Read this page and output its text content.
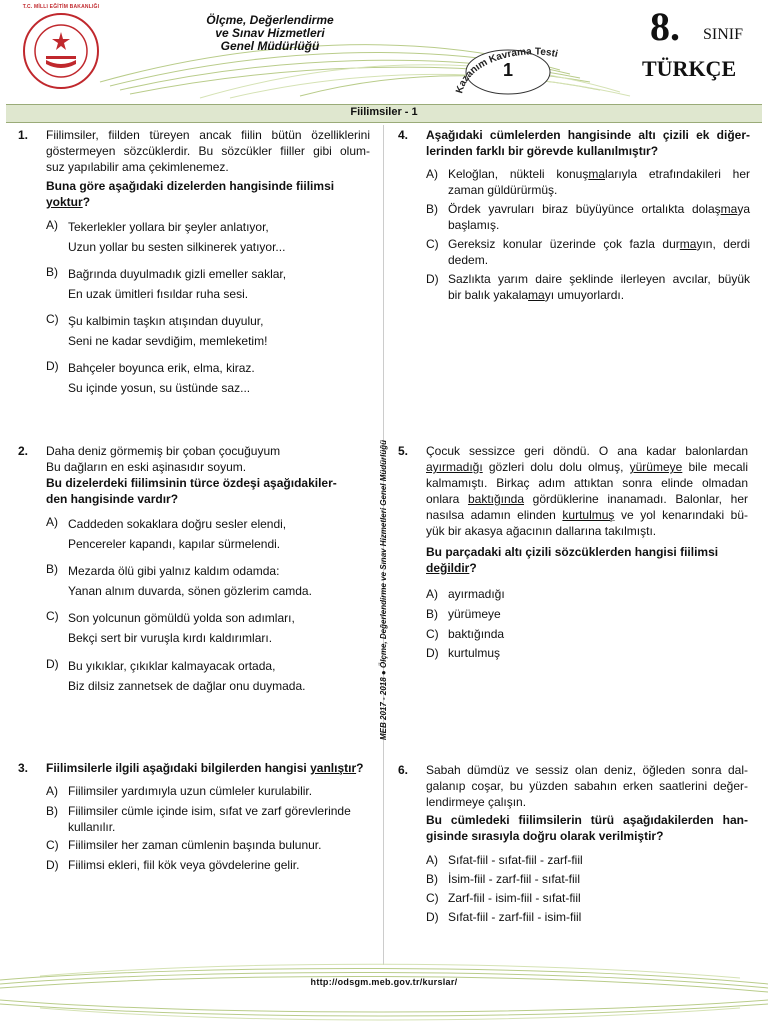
T.C. MİLLî EĞİTİM BAKANLIĞI
Ölçme, Değerlendirme
ve Sınav Hizmetleri
Genel Müdürlüğü
Kazanım Kavrama Testi
1
8. SINIF
TÜRKÇE
Fiilimsiler - 1
MEB 2017 - 2018 ● Ölçme, Değerlendirme ve Sınav Hizmetleri Genel Müdürlüğü
1. Fiilimsiler, fiilden türeyen ancak fiilin bütün özelliklerini
göstermeyen sözcüklerdir. Bu sözcükler fiiller gibi olum-
suz yapılabilir ama çekimlenemez.
Buna göre aşağıdaki dizelerden hangisinde fiilimsi
yoktur?
A) Tekerlekler yollara bir şeyler anlatıyor,
Uzun yollar bu sesten silkinerek yatıyor...
B) Bağrında duyulmadık gizli emeller saklar,
En uzak ümitleri fısıldar ruha sesi.
C) Şu kalbimin taşkın atışından duyulur,
Seni ne kadar sevdiğim, memleketim!
D) Bahçeler boyunca erik, elma, kiraz.
Su içinde yosun, su üstünde saz...
2. Daha deniz görmemiş bir çoban çocuğuyum
Bu dağların en eski aşinasıdır soyum.
Bu dizelerdeki fiilimsinin türce özdeşi aşağıdakiler-
den hangisinde vardır?
A) Caddeden sokaklara doğru sesler elendi,
Pencereler kapandı, kapılar sürmelendi.
B) Mezarda ölü gibi yalnız kaldım odamda:
Yanan alnım duvarda, sönen gözlerim camda.
C) Son yolcunun gömüldü yolda son adımları,
Bekçi sert bir vuruşla kırdı kaldırımları.
D) Bu yıkıklar, çıkıklar kalmayacak ortada,
Biz dilsiz zannetsek de dağlar onu duymada.
3. Fiilimsilerle ilgili aşağıdaki bilgilerden hangisi yanlıştır?
A) Fiilimsiler yardımıyla uzun cümleler kurulabilir.
B) Fiilimsiler cümle içinde isim, sıfat ve zarf görevlerinde
kullanılır.
C) Fiilimsiler her zaman cümlenin başında bulunur.
D) Fiilimsi ekleri, fiil kök veya gövdelerine gelir.
4. Aşağıdaki cümlelerden hangisinde altı çizili ek diğer-
lerinden farklı bir görevde kullanılmıştır?
A) Keloğlan, nükteli konuşmalarıyla etrafındakileri her
zaman güldürürmüş.
B) Ördek yavruları biraz büyüyünce ortalıkta dolaşmaya
başlamış.
C) Gereksiz konular üzerinde çok fazla durmayın, derdi
dedem.
D) Sazlıkta yarım daire şeklinde ilerleyen avcılar, büyük
bir balık yakalamayı umuyorlardı.
5. Çocuk sessizce geri döndü. O ana kadar balonlardan
ayırmadığı gözleri dolu dolu olmuş, yürümeye bile mecali
kalmamıştı. Birkaç adım attıktan sonra elinde olmadan
onlara baktığında gördüklerine inanamadı. Balonlar, her
nasılsa adamın elinden kurtulmuş ve yol kenarındaki bü-
yük bir akasya ağacının dallarına takılmıştı.
Bu parçadaki altı çizili sözcüklerden hangisi fiilimsi
değildir?
A) ayırmadığı
B) yürümeye
C) baktığında
D) kurtulmuş
6. Sabah dümdüz ve sessiz olan deniz, öğleden sonra dal-
galanıp coşar, bu yüzden sabahın erken saatlerini değer-
lendirmeye çalışın.
Bu cümledeki fiilimsilerin türü aşağıdakilerden han-
gisinde sırasıyla doğru olarak verilmiştir?
A) Sıfat-fiil - sıfat-fiil - zarf-fiil
B) İsim-fiil - zarf-fiil - sıfat-fiil
C) Zarf-fiil - isim-fiil - sıfat-fiil
D) Sıfat-fiil - zarf-fiil - isim-fiil
http://odsgm.meb.gov.tr/kurslar/
